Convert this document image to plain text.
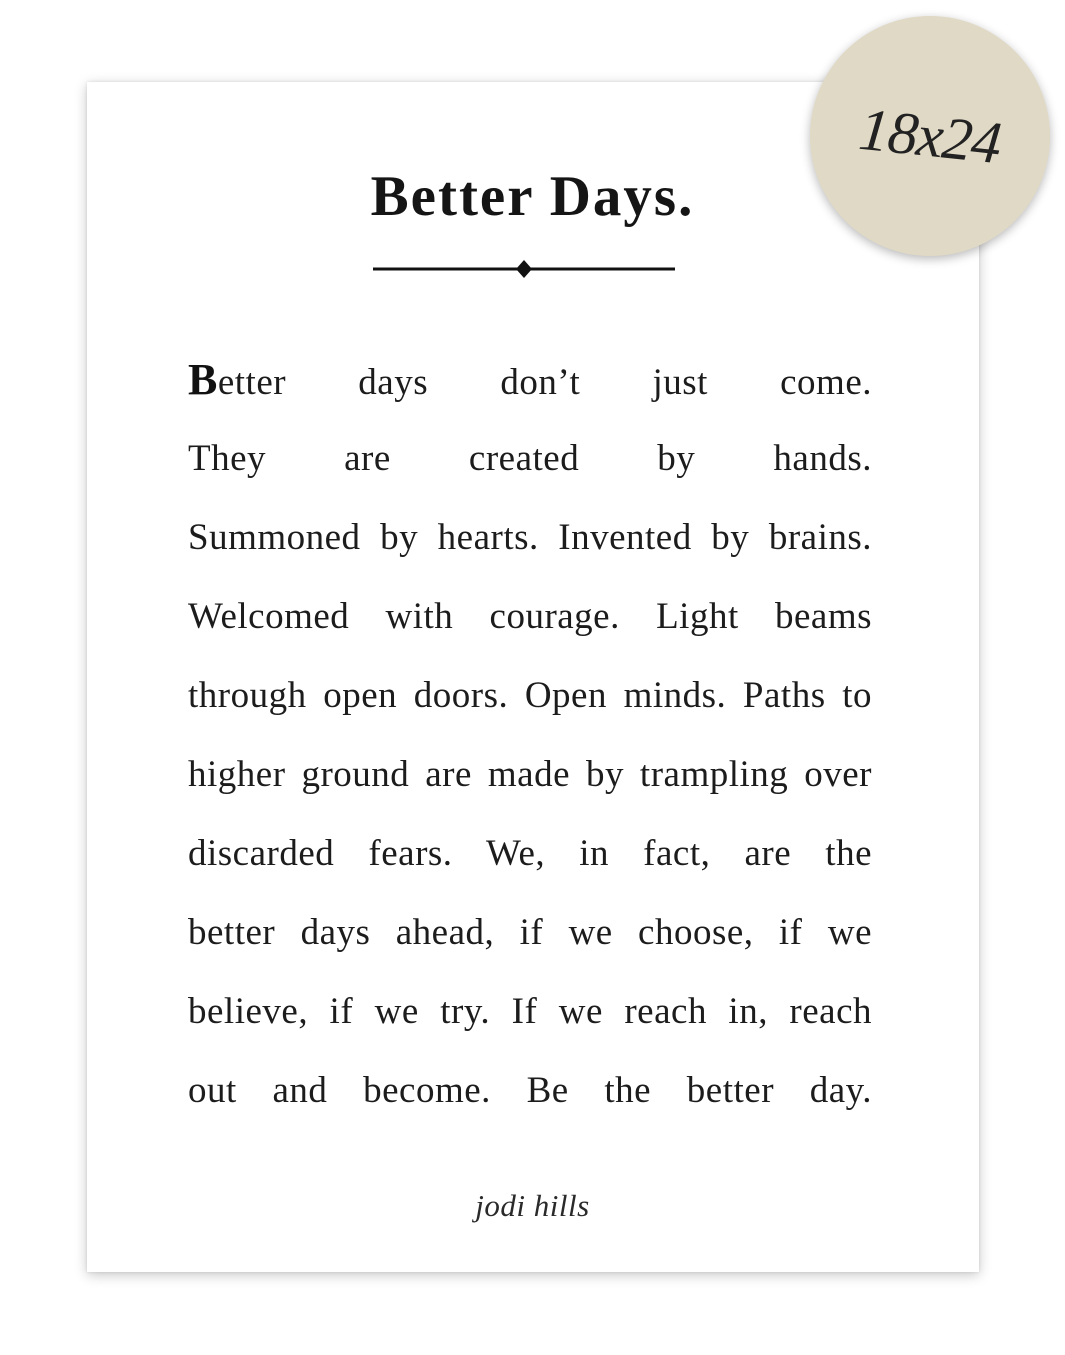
Better Days.
Better days don’t just come.
They are created by hands.
Summoned by hearts. Invented by brains.
Welcomed with courage. Light beams
through open doors. Open minds. Paths to
higher ground are made by trampling over
discarded fears. We, in fact, are the
better days ahead, if we choose, if we
believe, if we try. If we reach in, reach
out and become. Be the better day.
jodi hills
18x24
